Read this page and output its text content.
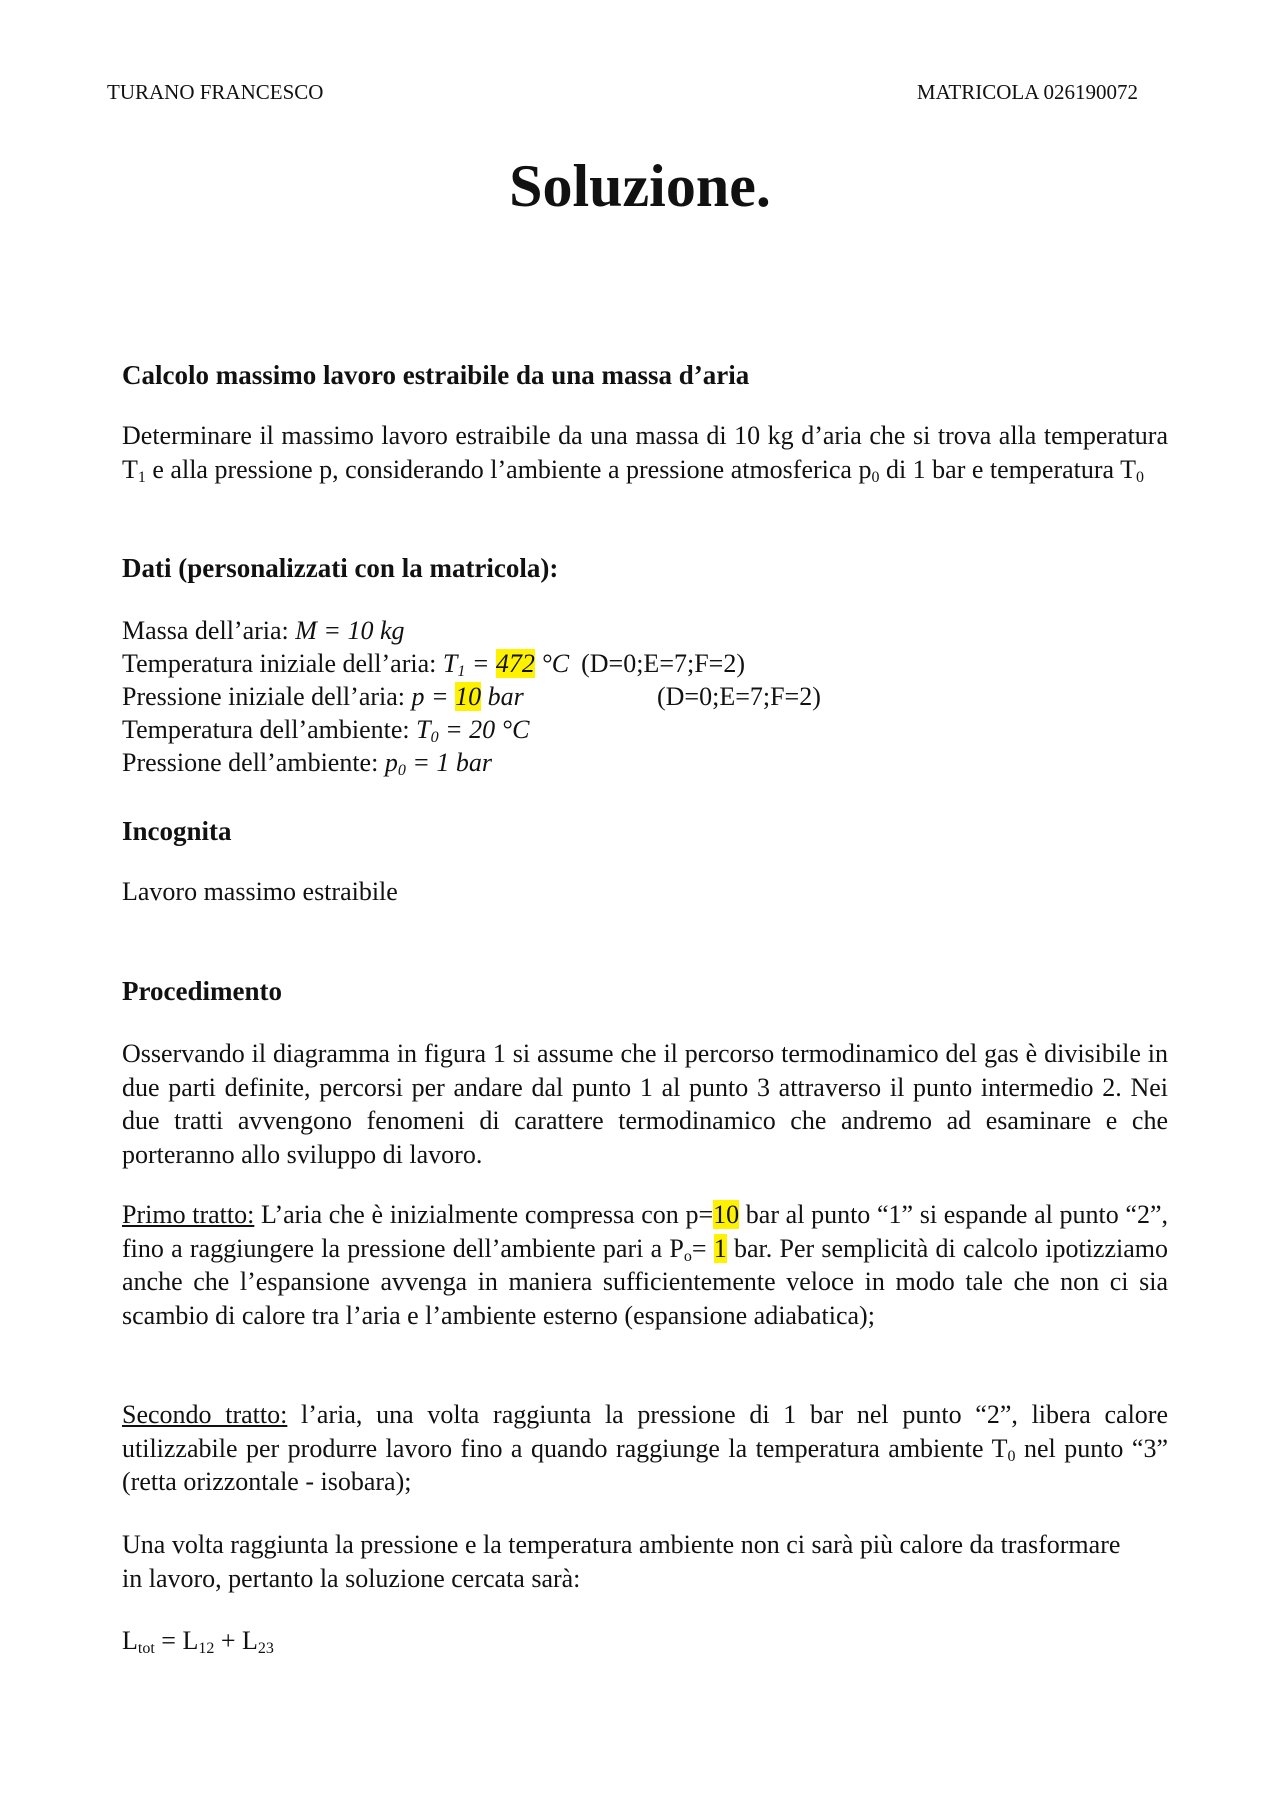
TURANO FRANCESCO	MATRICOLA 026190072
Soluzione.
Calcolo massimo lavoro estraibile da una massa d’aria
Determinare il massimo lavoro estraibile da una massa di 10 kg d’aria che si trova alla temperatura $T_1$ e alla pressione p, considerando l’ambiente a pressione atmosferica $p_0$ di 1 bar e temperatura $T_0$
Dati (personalizzati con la matricola):
Massa dell’aria: M = 10 kg
Temperatura iniziale dell’aria: $T_1 = 472$ °C (D=0;E=7;F=2)
Pressione iniziale dell’aria: p = 10 bar	(D=0;E=7;F=2)
Temperatura dell’ambiente: $T_0 = 20$ °C
Pressione dell’ambiente: $p_0 = 1$ bar
Incognita
Lavoro massimo estraibile
Procedimento
Osservando il diagramma in figura 1 si assume che il percorso termodinamico del gas è divisibile in due parti definite, percorsi per andare dal punto 1 al punto 3 attraverso il punto intermedio 2. Nei due tratti avvengono fenomeni di carattere termodinamico che andremo ad esaminare e che porteranno allo sviluppo di lavoro.
Primo tratto: L’aria che è inizialmente compressa con p=10 bar al punto “1” si espande al punto “2”, fino a raggiungere la pressione dell’ambiente pari a $P_o= 1$ bar. Per semplicità di calcolo ipotizziamo anche che l’espansione avvenga in maniera sufficientemente veloce in modo tale che non ci sia scambio di calore tra l’aria e l’ambiente esterno (espansione adiabatica);
Secondo tratto: l’aria, una volta raggiunta la pressione di 1 bar nel punto “2”, libera calore utilizzabile per produrre lavoro fino a quando raggiunge la temperatura ambiente $T_0$ nel punto “3” (retta orizzontale - isobara);
Una volta raggiunta la pressione e la temperatura ambiente non ci sarà più calore da trasformare in lavoro, pertanto la soluzione cercata sarà:
$L_{tot} = L_{12} + L_{23}$
